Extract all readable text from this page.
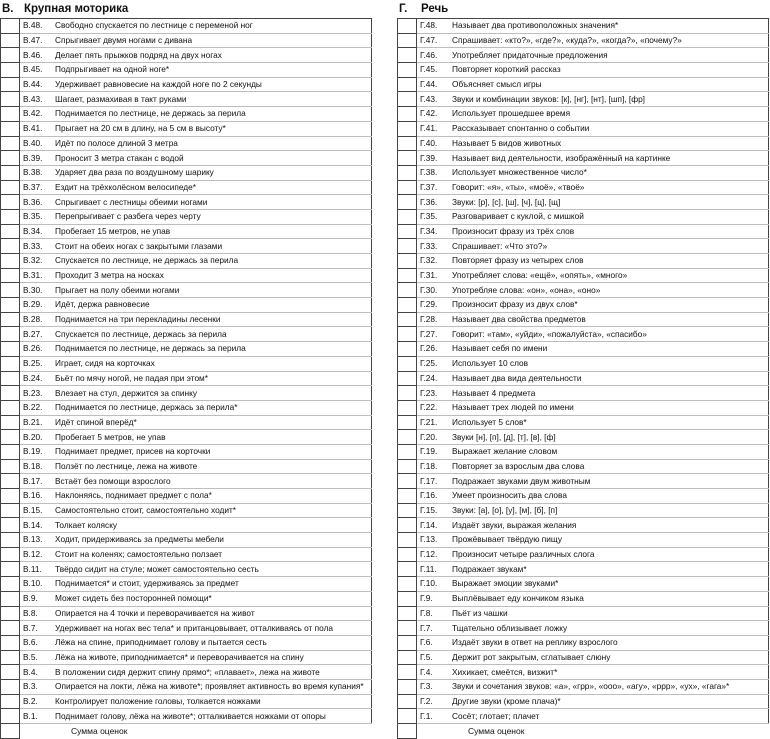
В. Крупная моторика
	В.48.	Свободно спускается по лестнице с переменой ног
	В.47.	Спрыгивает двумя ногами с дивана
	В.46.	Делает пять прыжков подряд на двух ногах
	В.45.	Подпрыгивает на одной ноге*
	В.44.	Удерживает равновесие на каждой ноге по 2 секунды
	В.43.	Шагает, размахивая в такт руками
	В.42.	Поднимается по лестнице, не держась за перила
	В.41.	Прыгает на 20 см в длину, на 5 см в высоту*
	В.40.	Идёт по полосе длиной 3 метра
	В.39.	Проносит 3 метра стакан с водой
	В.38.	Ударяет два раза по воздушному шарику
	В.37.	Ездит на трёхколёсном велосипеде*
	В.36.	Спрыгивает с лестницы обеими ногами
	В.35.	Перепрыгивает с разбега через черту
	В.34.	Пробегает 15 метров, не упав
	В.33.	Стоит на обеих ногах с закрытыми глазами
	В.32.	Спускается по лестнице, не держась за перила
	В.31.	Проходит 3 метра на носках
	В.30.	Прыгает на полу обеими ногами
	В.29.	Идёт, держа равновесие
	В.28.	Поднимается на три перекладины лесенки
	В.27.	Спускается по лестнице, держась за перила
	В.26.	Поднимается по лестнице, не держась за перила
	В.25.	Играет, сидя на корточках
	В.24.	Бьёт по мячу ногой, не падая при этом*
	В.23.	Влезает на стул, держится за спинку
	В.22.	Поднимается по лестнице, держась за перила*
	В.21.	Идёт спиной вперёд*
	В.20.	Пробегает 5 метров, не упав
	В.19.	Поднимает предмет, присев на корточки
	В.18.	Ползёт по лестнице, лежа на животе
	В.17.	Встаёт без помощи взрослого
	В.16.	Наклоняясь, поднимает предмет с пола*
	В.15.	Самостоятельно стоит, самостоятельно ходит*
	В.14.	Толкает коляску
	В.13.	Ходит, придерживаясь за предметы мебели
	В.12.	Стоит на коленях; самостоятельно ползает
	В.11.	Твёрдо сидит на стуле; может самостоятельно сесть
	В.10.	Поднимается* и стоит, удерживаясь за предмет
	В.9.	Может сидеть без посторонней помощи*
	В.8.	Опирается на 4 точки и переворачивается на живот
	В.7.	Удерживает на ногах вес тела* и пританцовывает, отталкиваясь от пола
	В.6.	Лёжа на спине, приподнимает голову и пытается сесть
	В.5.	Лёжа на животе, приподнимается* и переворачивается на спину
	В.4.	В положении сидя держит спину прямо*; «плавает», лежа на животе
	В.3.	Опирается на локти, лёжа на животе*; проявляет активность во время купания*
	В.2.	Контролирует положение головы, толкается ножками
	В.1.	Поднимает голову, лёжа на животе*; отталкивается ножками от опоры
		Сумма оценок
Г.	Речь
	Г.48.	Называет два противоположных значения*
	Г.47.	Спрашивает: «кто?», «где?», «куда?», «когда?», «почему?»
	Г.46.	Употребляет придаточные предложения
	Г.45.	Повторяет короткий рассказ
	Г.44.	Объясняет смысл игры
	Г.43.	Звуки и комбинации звуков: [к], [нг], [нт], [шп], [фр]
	Г.42.	Использует прошедшее время
	Г.41.	Рассказывает спонтанно о событии
	Г.40.	Называет 5 видов животных
	Г.39.	Называет вид деятельности, изображённый на картинке
	Г.38.	Использует множественное число*
	Г.37.	Говорит: «я», «ты», «моё», «твоё»
	Г.36.	Звуки: [р], [с], [ш], [ч], [ц], [щ]
	Г.35.	Разговаривает с куклой, с мишкой
	Г.34.	Произносит фразу из трёх слов
	Г.33.	Спрашивает: «Что это?»
	Г.32.	Повторяет фразу из четырех слов
	Г.31.	Употребляет слова: «ещё», «опять», «много»
	Г.30.	Употребляе слова: «он», «она», «оно»
	Г.29.	Произносит фразу из двух слов*
	Г.28.	Называет два свойства предметов
	Г.27.	Говорит: «там», «уйди», «пожалуйста», «спасибо»
	Г.26.	Называет себя по имени
	Г.25.	Использует 10 слов
	Г.24.	Называет два вида деятельности
	Г.23.	Называет 4 предмета
	Г.22.	Называет трех людей по имени
	Г.21.	Использует 5 слов*
	Г.20.	Звуки [н], [п], [д], [т], [в], [ф]
	Г.19.	Выражает желание словом
	Г.18.	Повторяет за взрослым два слова
	Г.17.	Подражает звуками двум животным
	Г.16.	Умеет произносить два слова
	Г.15.	Звуки: [а], [о], [у], [м], [б], [п]
	Г.14.	Издаёт звуки, выражая желания
	Г.13.	Прожёвывает твёрдую пищу
	Г.12.	Произносит четыре различных слога
	Г.11.	Подражает звукам*
	Г.10.	Выражает эмоции звуками*
	Г.9.	Выплёвывает еду кончиком языка
	Г.8.	Пьёт из чашки
	Г.7.	Тщательно облизывает ложку
	Г.6.	Издаёт звуки в ответ на реплику взрослого
	Г.5.	Держит рот закрытым, сглатывает слюну
	Г.4.	Хихикает, смеётся, визжит*
	Г.3.	Звуки и сочетания звуков: «а», «грр», «ооо», «агу», «ррр», «ух», «гага»*
	Г.2.	Другие звуки (кроме плача)*
	Г.1.	Сосёт; глотает; плачет
		Сумма оценок
